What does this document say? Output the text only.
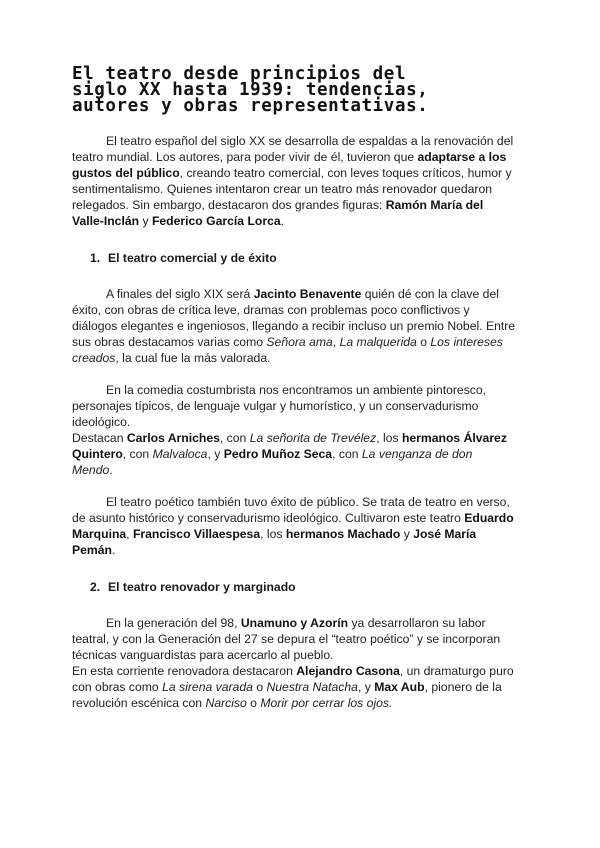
El teatro desde principios del
siglo XX hasta 1939: tendencias,
autores y obras representativas.

El teatro español del siglo XX se desarrolla de espaldas a la renovación del teatro mundial. Los autores, para poder vivir de él, tuvieron que adaptarse a los gustos del público, creando teatro comercial, con leves toques críticos, humor y sentimentalismo. Quienes intentaron crear un teatro más renovador quedaron relegados. Sin embargo, destacaron dos grandes figuras: Ramón María del Valle-Inclán y Federico García Lorca.

1. El teatro comercial y de éxito

A finales del siglo XIX será Jacinto Benavente quién dé con la clave del éxito, con obras de crítica leve, dramas con problemas poco conflictivos y diálogos elegantes e ingeniosos, llegando a recibir incluso un premio Nobel. Entre sus obras destacamos varias como Señora ama, La malquerida o Los intereses creados, la cual fue la más valorada.

En la comedia costumbrista nos encontramos un ambiente pintoresco, personajes típicos, de lenguaje vulgar y humorístico, y un conservadurismo ideológico.

Destacan Carlos Arniches, con La señorita de Trevélez, los hermanos Álvarez Quintero, con Malvaloca, y Pedro Muñoz Seca, con La venganza de don Mendo.

El teatro poético también tuvo éxito de público. Se trata de teatro en verso, de asunto histórico y conservadurismo ideológico. Cultivaron este teatro Eduardo Marquina, Francisco Villaespesa, los hermanos Machado y José María Pemán.

2. El teatro renovador y marginado

En la generación del 98, Unamuno y Azorín ya desarrollaron su labor teatral, y con la Generación del 27 se depura el “teatro poético” y se incorporan técnicas vanguardistas para acercarlo al pueblo.

En esta corriente renovadora destacaron Alejandro Casona, un dramaturgo puro con obras como La sirena varada o Nuestra Natacha, y Max Aub, pionero de la revolución escénica con Narciso o Morir por cerrar los ojos.
